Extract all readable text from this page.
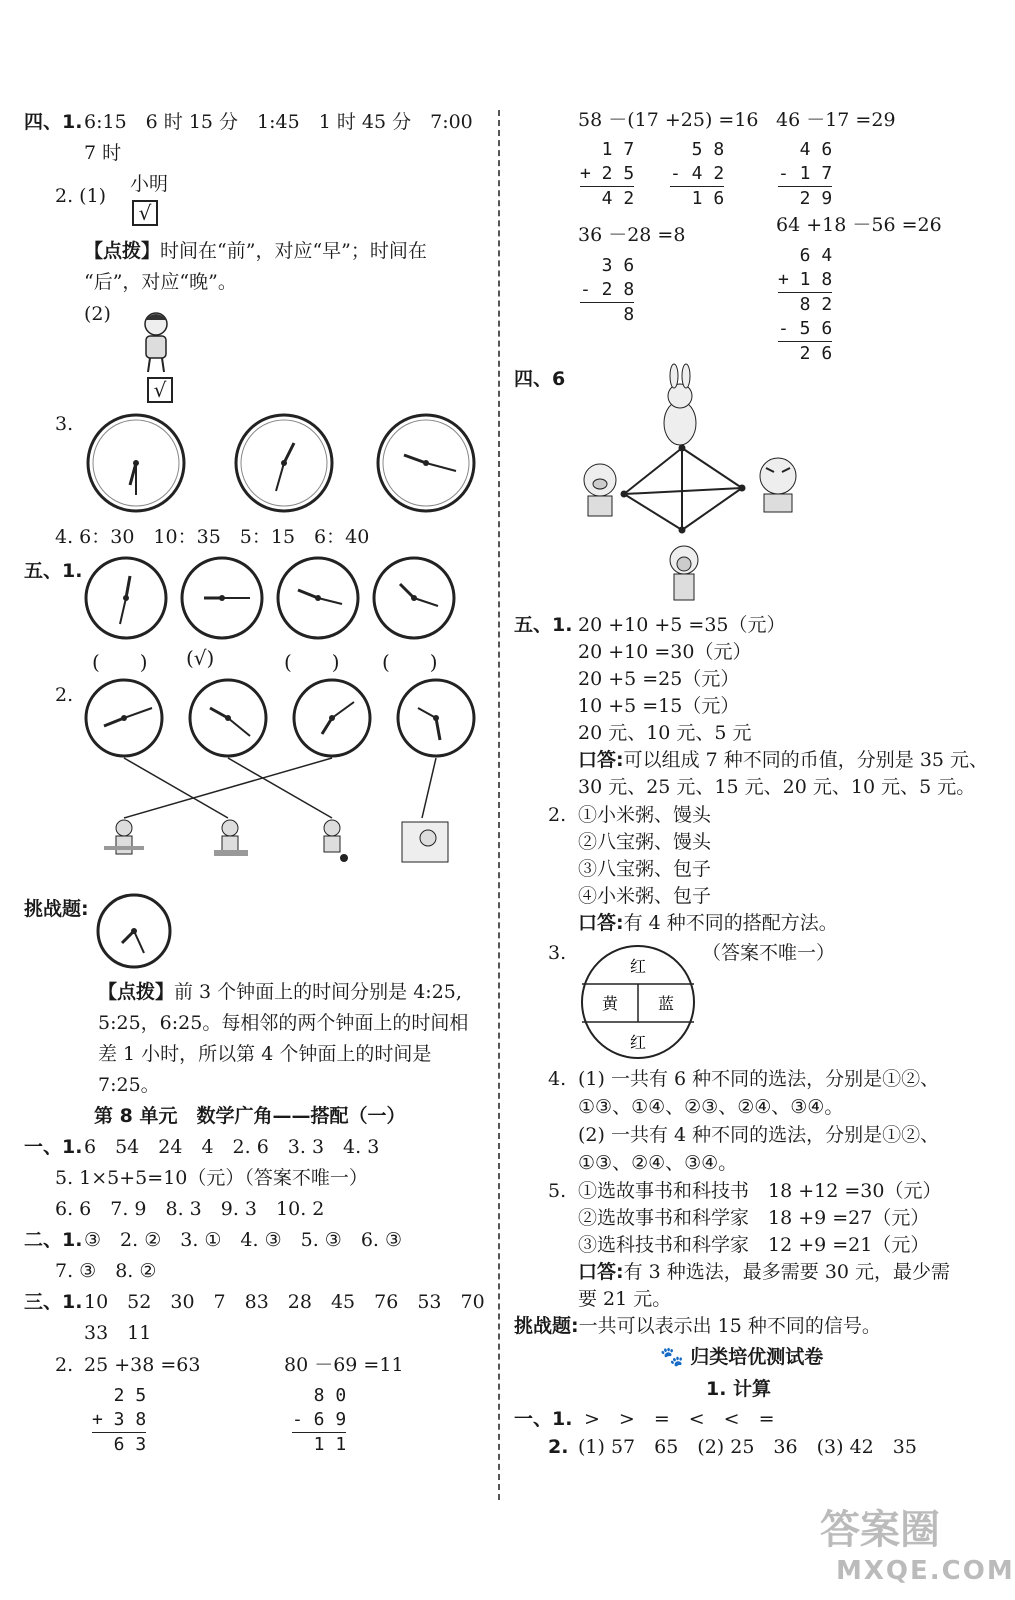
四、1. 6:15　6 时 15 分　1:45　1 时 45 分　7:00
7 时
2. (1)
小明
√
【点拨】时间在“前”，对应“早”；时间在
“后”，对应“晚”。
(2)
√
3.
4. 6：30　10：35　5：15　6：40
五、1.
(　　) (√)	(　　) (　　)
2.
挑战题:
【点拨】前 3 个钟面上的时间分别是 4:25,
5:25，6:25。每相邻的两个钟面上的时间相
差 1 小时，所以第 4 个钟面上的时间是
7:25。
第 8 单元　数学广角——搭配（一）
一、1. 6　54　24　4　2. 6　3. 3　4. 3
5. 1×5+5=10（元）（答案不唯一）
6. 6　7. 9　8. 3　9. 3　10. 2
二、1. ③　2. ②　3. ①　4. ③　5. ③　6. ③
7. ③　8. ②
三、1. 10　52　30　7　83　28　45　76　53　70
33　11
2. 25 +38 =63	80 －69 =11
2 5
+ 3 8
6 3
8 0
- 6 9
1 1
58 －(17 +25) =16 46 －17 =29
1 7
+ 2 5
4 2
5 8
- 4 2
1 6
4 6
- 1 7
2 9
36 －28 =8	64 +18 －56 =26
3 6
- 2 8
8
6 4
+ 1 8
8 2
- 5 6
2 6
四、6
五、1. 20 +10 +5 =35（元）
20 +10 =30（元）
20 +5 =25（元）
10 +5 =15（元）
20 元、10 元、5 元
口答:可以组成 7 种不同的币值，分别是 35 元、
30 元、25 元、15 元、20 元、10 元、5 元。
2. ①小米粥、馒头
②八宝粥、馒头
③八宝粥、包子
④小米粥、包子
口答:有 4 种不同的搭配方法。
3.	（答案不唯一）
红
黄 蓝
红
4. (1) 一共有 6 种不同的选法，分别是①②、
①③、①④、②③、②④、③④。
(2) 一共有 4 种不同的选法，分别是①②、
①③、②④、③④。
5. ①选故事书和科技书　18 +12 =30（元）
②选故事书和科学家　18 +9 =27（元）
③选科技书和科学家　12 +9 =21（元）
口答:有 3 种选法，最多需要 30 元，最少需
要 21 元。
挑战题:一共可以表示出 15 种不同的信号。
🐾 归类培优测试卷
1. 计算
一、1. >　>　=　<　<　=
2. (1) 57　65　(2) 25　36　(3) 42　35
答案圈
MXQE.COM
